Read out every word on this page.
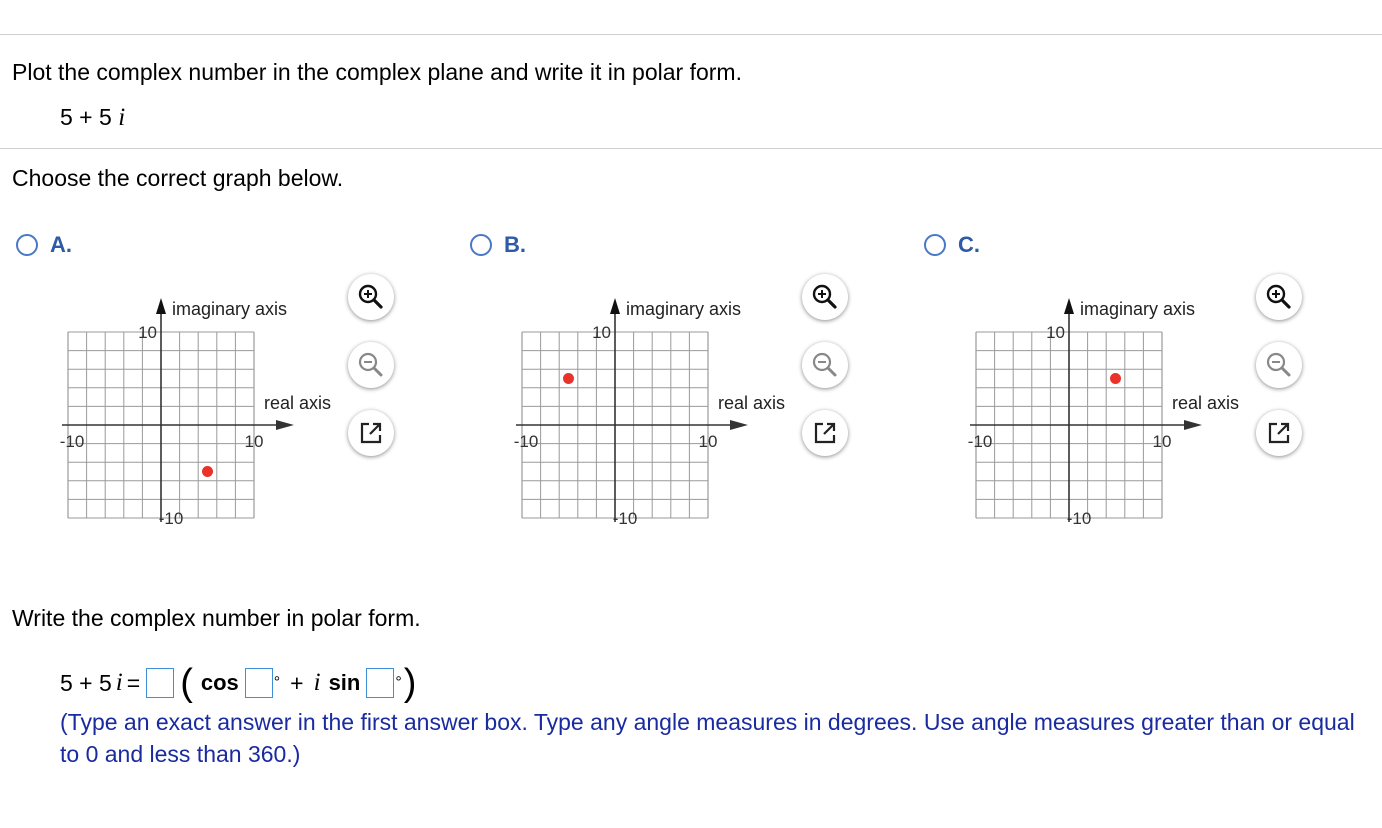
Plot the complex number in the complex plane and write it in polar form.
5 + 5 i
Choose the correct graph below.
A.	B.	C.
10
-10
-10	10
imaginary axis
real axis
10
-10
-10	10
imaginary axis
real axis
10
-10
-10	10
imaginary axis
real axis
Write the complex number in polar form.
5 + 5 i = ( cos ° + i sin ° )
(Type an exact answer in the first answer box. Type any angle measures in degrees. Use angle measures greater than or equal to 0 and less than 360.)
